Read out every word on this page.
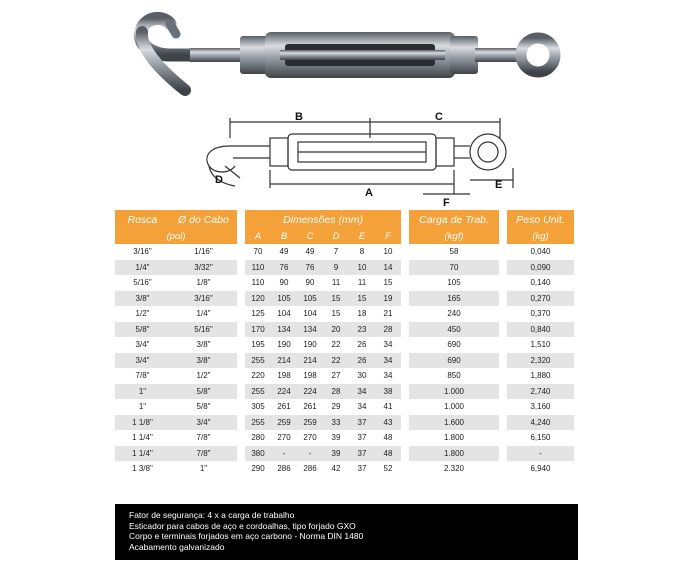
B	C
A
D	E
F
Rosca	Ø do Cabo		Dimensões (mm)							Carga de Trab.		Peso Unit.
(pol)			A	B	C	D	E	F		(kgf)		(kg)
3/16"	1/16"		70	49	49	7	8	10		58		0,040
1/4"	3/32"		110	76	76	9	10	14		70		0,090
5/16"	1/8"		110	90	90	11	11	15		105		0,140
3/8"	3/16"		120	105	105	15	15	19		165		0,270
1/2"	1/4"		125	104	104	15	18	21		240		0,370
5/8"	5/16"		170	134	134	20	23	28		450		0,840
3/4"	3/8"		195	190	190	22	26	34		690		1,510
3/4"	3/8"		255	214	214	22	26	34		690		2,320
7/8"	1/2"		220	198	198	27	30	34		850		1,880
1"	5/8"		255	224	224	28	34	38		1.000		2,740
1"	5/8"		305	261	261	29	34	41		1.000		3,160
1 1/8"	3/4"		255	259	259	33	37	43		1.600		4,240
1 1/4"	7/8"		280	270	270	39	37	48		1.800		6,150
1 1/4"	7/8"		380	-	-	39	37	48		1.800		-
1 3/8"	1"		290	286	286	42	37	52		2.320		6,940
Fator de segurança: 4 x a carga de trabalho
Esticador para cabos de aço e cordoalhas, tipo forjado GXO
Corpo e terminais forjados em aço carbono - Norma DIN 1480
Acabamento galvanizado
